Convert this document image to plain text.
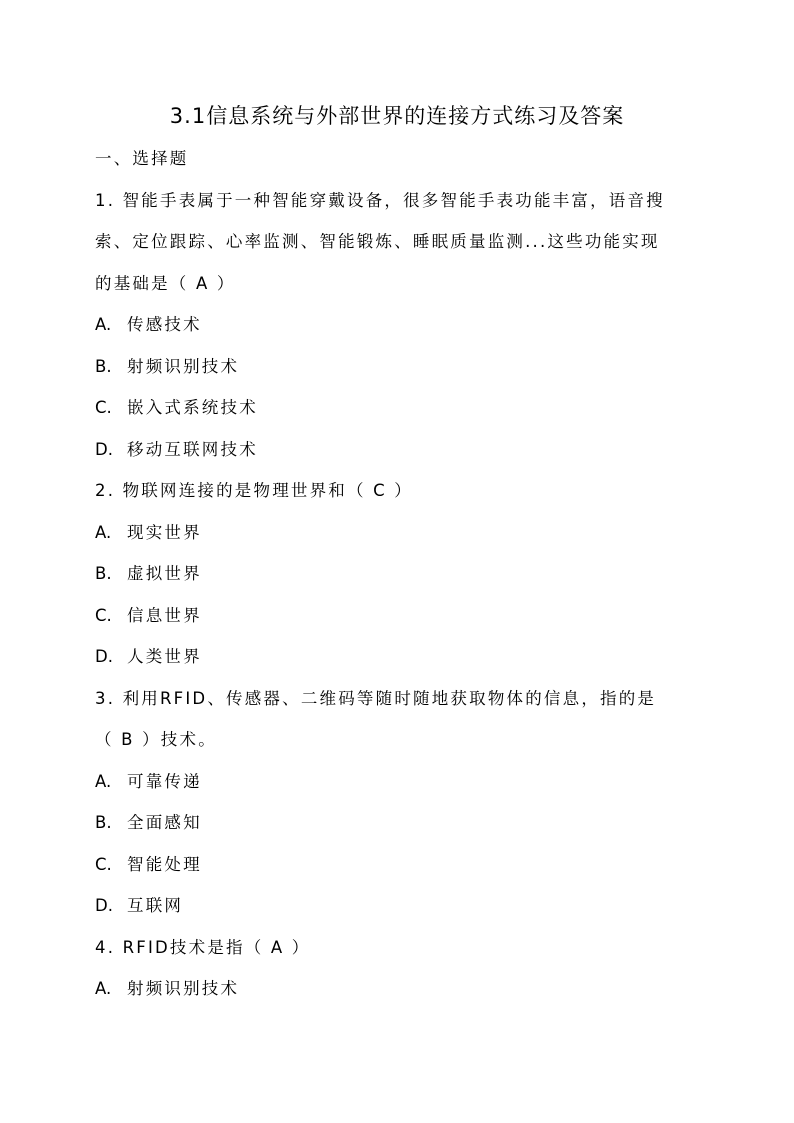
3.1信息系统与外部世界的连接方式练习及答案
一、选择题
1. 智能手表属于一种智能穿戴设备，很多智能手表功能丰富，语音搜
索、定位跟踪、心率监测、智能锻炼、睡眠质量监测...这些功能实现
的基础是（ A ）
A. 传感技术
B. 射频识别技术
C. 嵌入式系统技术
D. 移动互联网技术
2. 物联网连接的是物理世界和（ C ）
A. 现实世界
B. 虚拟世界
C. 信息世界
D. 人类世界
3. 利用RFID、传感器、二维码等随时随地获取物体的信息，指的是
（ B ）技术。
A. 可靠传递
B. 全面感知
C. 智能处理
D. 互联网
4. RFID技术是指（ A ）
A. 射频识别技术
